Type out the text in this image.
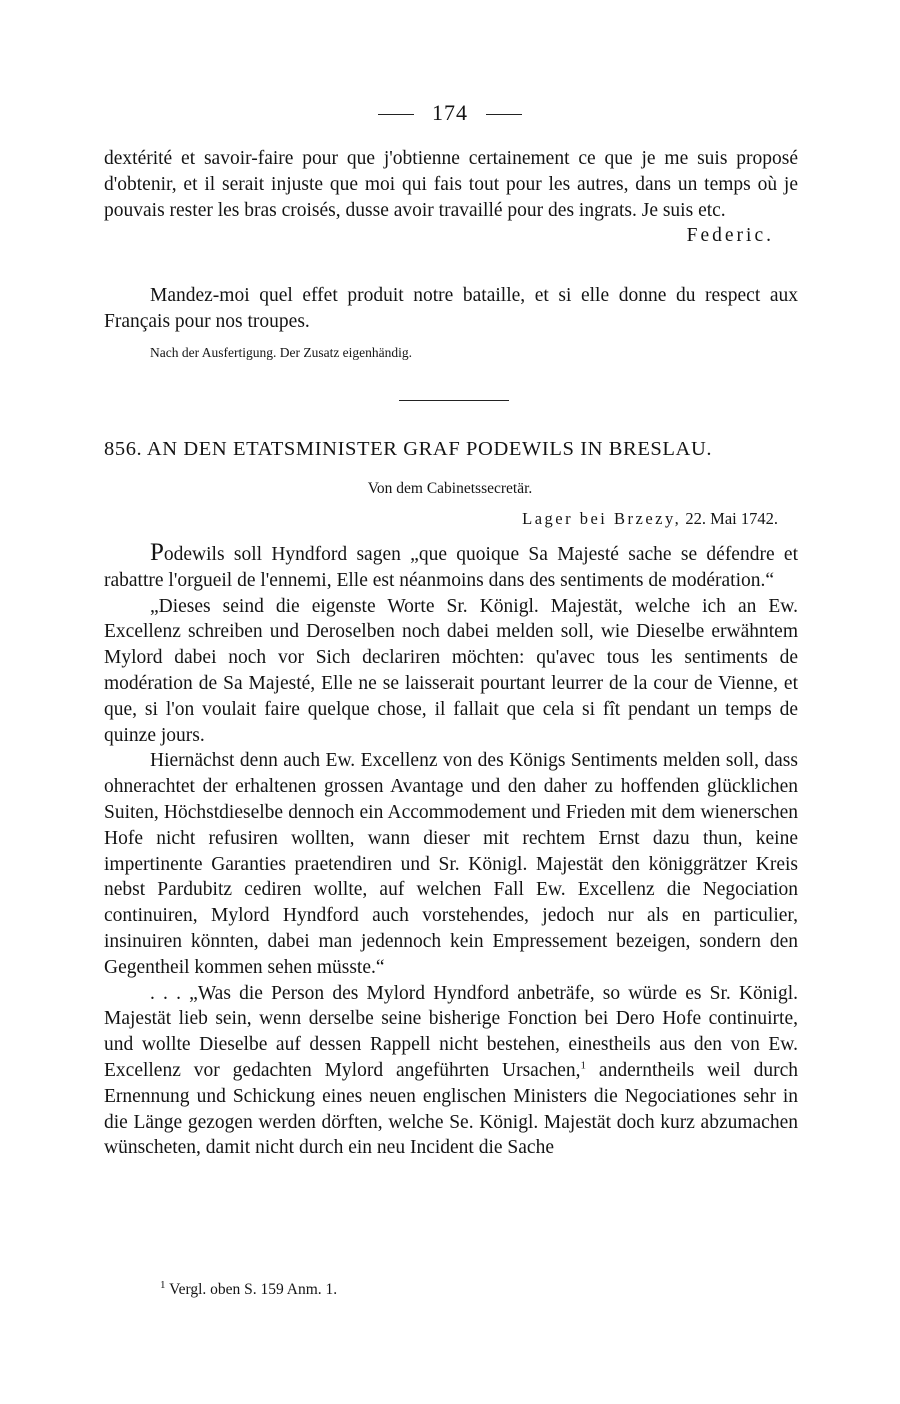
174

dextérité et savoir-faire pour que j'obtienne certainement ce que je me suis proposé d'obtenir, et il serait injuste que moi qui fais tout pour les autres, dans un temps où je pouvais rester les bras croisés, dusse avoir travaillé pour des ingrats. Je suis etc.

Federic.

Mandez-moi quel effet produit notre bataille, et si elle donne du respect aux Français pour nos troupes.

Nach der Ausfertigung. Der Zusatz eigenhändig.
856. AN DEN ETATSMINISTER GRAF PODEWILS IN BRESLAU.
Von dem Cabinetssecretär.
Lager bei Brzezy, 22. Mai 1742.

Podewils soll Hyndford sagen „que quoique Sa Majesté sache se défendre et rabattre l'orgueil de l'ennemi, Elle est néanmoins dans des sentiments de modération.“

„Dieses seind die eigenste Worte Sr. Königl. Majestät, welche ich an Ew. Excellenz schreiben und Deroselben noch dabei melden soll, wie Dieselbe erwähntem Mylord dabei noch vor Sich declariren möchten: qu'avec tous les sentiments de modération de Sa Majesté, Elle ne se laisserait pourtant leurrer de la cour de Vienne, et que, si l'on voulait faire quelque chose, il fallait que cela si fît pendant un temps de quinze jours.

Hiernächst denn auch Ew. Excellenz von des Königs Sentiments melden soll, dass ohnerachtet der erhaltenen grossen Avantage und den daher zu hoffenden glücklichen Suiten, Höchstdieselbe dennoch ein Accommodement und Frieden mit dem wienerschen Hofe nicht refusiren wollten, wann dieser mit rechtem Ernst dazu thun, keine impertinente Garanties praetendiren und Sr. Königl. Majestät den königgrätzer Kreis nebst Pardubitz cediren wollte, auf welchen Fall Ew. Excellenz die Negociation continuiren, Mylord Hyndford auch vorstehendes, jedoch nur als en particulier, insinuiren könnten, dabei man jedennoch kein Empressement bezeigen, sondern den Gegentheil kommen sehen müsste.“

. . . „Was die Person des Mylord Hyndford anbeträfe, so würde es Sr. Königl. Majestät lieb sein, wenn derselbe seine bisherige Fonction bei Dero Hofe continuirte, und wollte Dieselbe auf dessen Rappell nicht bestehen, einestheils aus den von Ew. Excellenz vor gedachten Mylord angeführten Ursachen,$^1$ anderntheils weil durch Ernennung und Schickung eines neuen englischen Ministers die Negociationes sehr in die Länge gezogen werden dörften, welche Se. Königl. Majestät doch kurz abzumachen wünscheten, damit nicht durch ein neu Incident die Sache

$^1$ Vergl. oben S. 159 Anm. 1.
